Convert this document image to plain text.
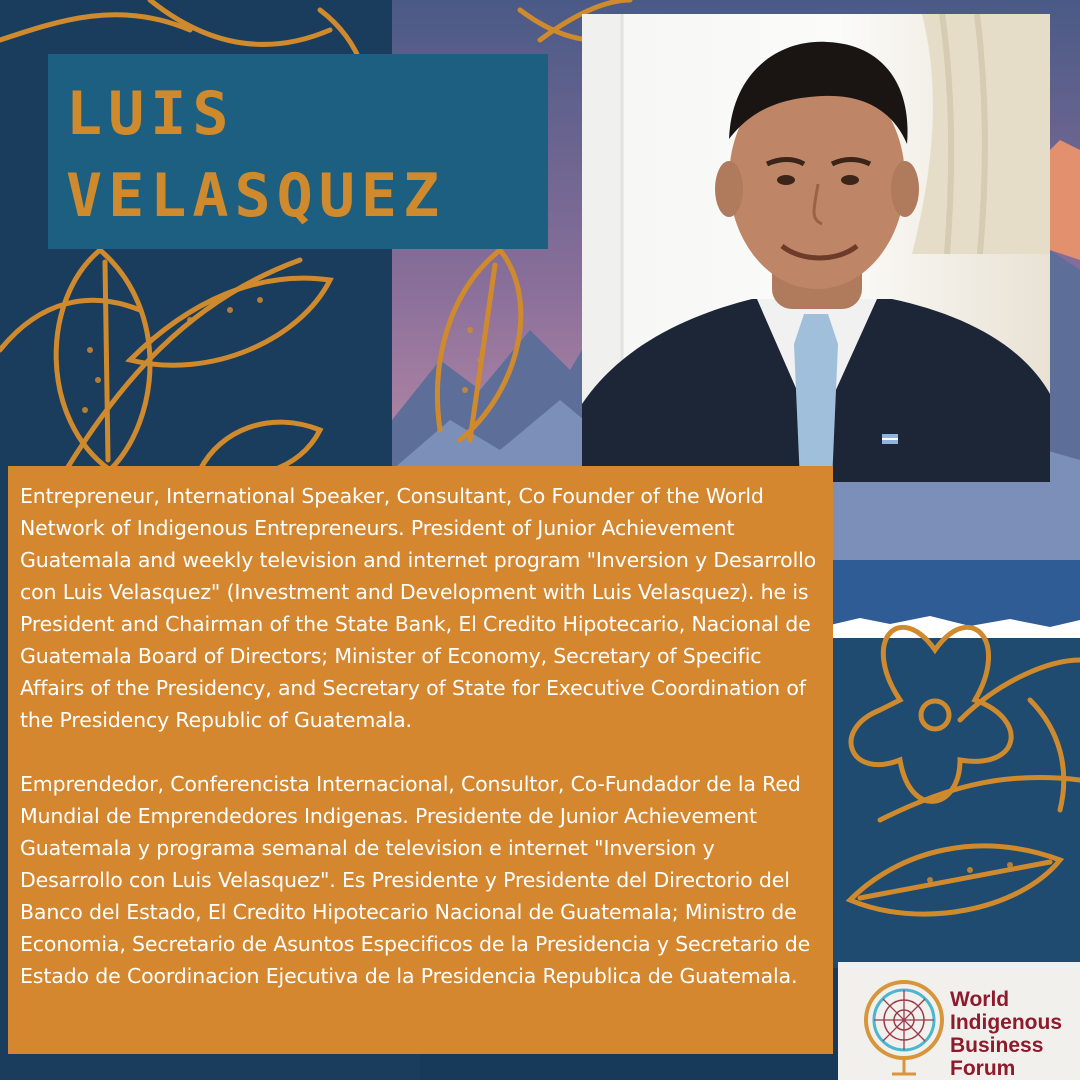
LUIS
VELASQUEZ

Entrepreneur, International Speaker, Consultant, Co Founder of the World Network of Indigenous Entrepreneurs. President of Junior Achievement Guatemala and weekly television and internet program "Inversion y Desarrollo con Luis Velasquez" (Investment and Development with Luis Velasquez). he is President and Chairman of the State Bank, El Credito Hipotecario, Nacional de Guatemala Board of Directors; Minister of Economy, Secretary of Specific Affairs of the Presidency, and Secretary of State for Executive Coordination of the Presidency Republic of Guatemala.

Emprendedor, Conferencista Internacional, Consultor, Co-Fundador de la Red Mundial de Emprendedores Indigenas. Presidente de Junior Achievement Guatemala y programa semanal de television e internet "Inversion y Desarrollo con Luis Velasquez". Es Presidente y Presidente del Directorio del Banco del Estado, El Credito Hipotecario Nacional de Guatemala; Ministro de Economia, Secretario de Asuntos Especificos de la Presidencia y Secretario de Estado de Coordinacion Ejecutiva de la Presidencia Republica de Guatemala.

World
Indigenous
Business
Forum
